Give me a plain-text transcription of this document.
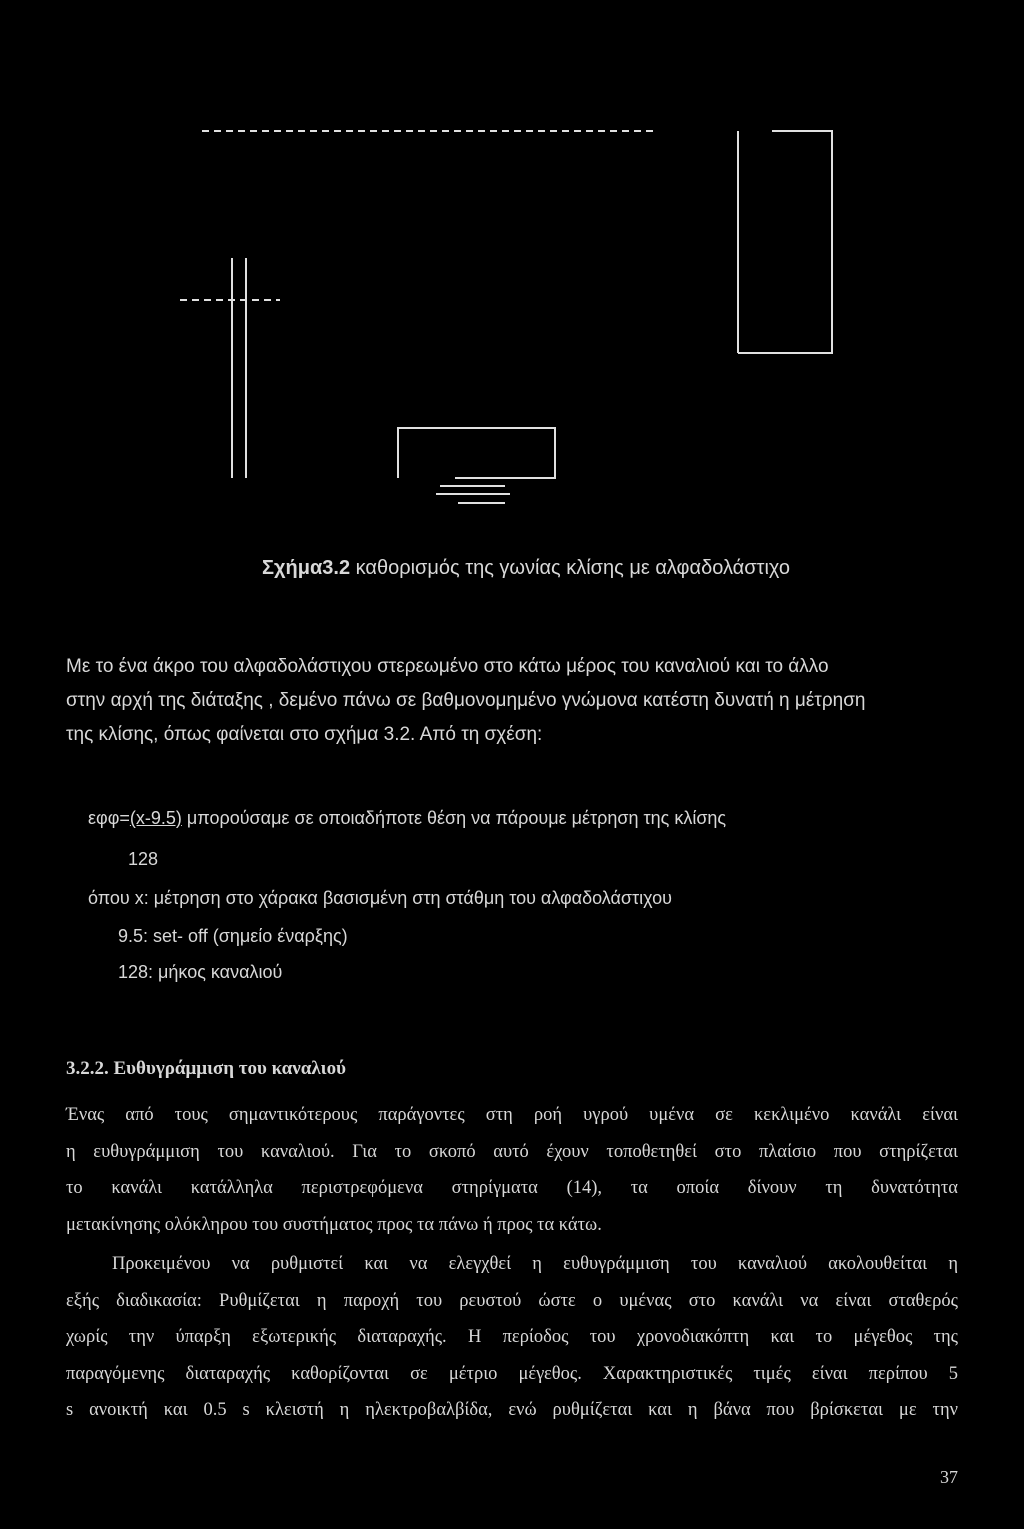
Σχήμα3.2 καθορισμός της γωνίας κλίσης με αλφαδολάστιχο
Με το ένα άκρο του αλφαδολάστιχου στερεωμένο στο κάτω μέρος του καναλιού και το άλλο
στην αρχή της διάταξης , δεμένο πάνω σε βαθμονομημένο γνώμονα κατέστη δυνατή η μέτρηση
της κλίσης, όπως φαίνεται στο σχήμα 3.2. Από τη σχέση:
εφφ=(x-9.5) μπορούσαμε σε οποιαδήποτε θέση να πάρουμε μέτρηση της κλίσης
128
όπου x: μέτρηση στο χάρακα βασισμένη στη στάθμη του αλφαδολάστιχου
9.5: set- off (σημείο έναρξης)
128: μήκος καναλιού
3.2.2. Ευθυγράμμιση του καναλιού
Ένας από τους σημαντικότερους παράγοντες στη ροή υγρού υμένα σε κεκλιμένο κανάλι είναι
η ευθυγράμμιση του καναλιού. Για το σκοπό αυτό έχουν τοποθετηθεί στο πλαίσιο που στηρίζεται
το κανάλι κατάλληλα περιστρεφόμενα στηρίγματα (14), τα οποία δίνουν τη δυνατότητα
μετακίνησης ολόκληρου του συστήματος προς τα πάνω ή προς τα κάτω.
Προκειμένου να ρυθμιστεί και να ελεγχθεί η ευθυγράμμιση του καναλιού ακολουθείται η
εξής διαδικασία: Ρυθμίζεται η παροχή του ρευστού ώστε ο υμένας στο κανάλι να είναι σταθερός
χωρίς την ύπαρξη εξωτερικής διαταραχής. Η περίοδος του χρονοδιακόπτη και το μέγεθος της
παραγόμενης διαταραχής καθορίζονται σε μέτριο μέγεθος. Χαρακτηριστικές τιμές είναι περίπου 5
s ανοικτή και 0.5 s κλειστή η ηλεκτροβαλβίδα, ενώ ρυθμίζεται και η βάνα που βρίσκεται με την
37
